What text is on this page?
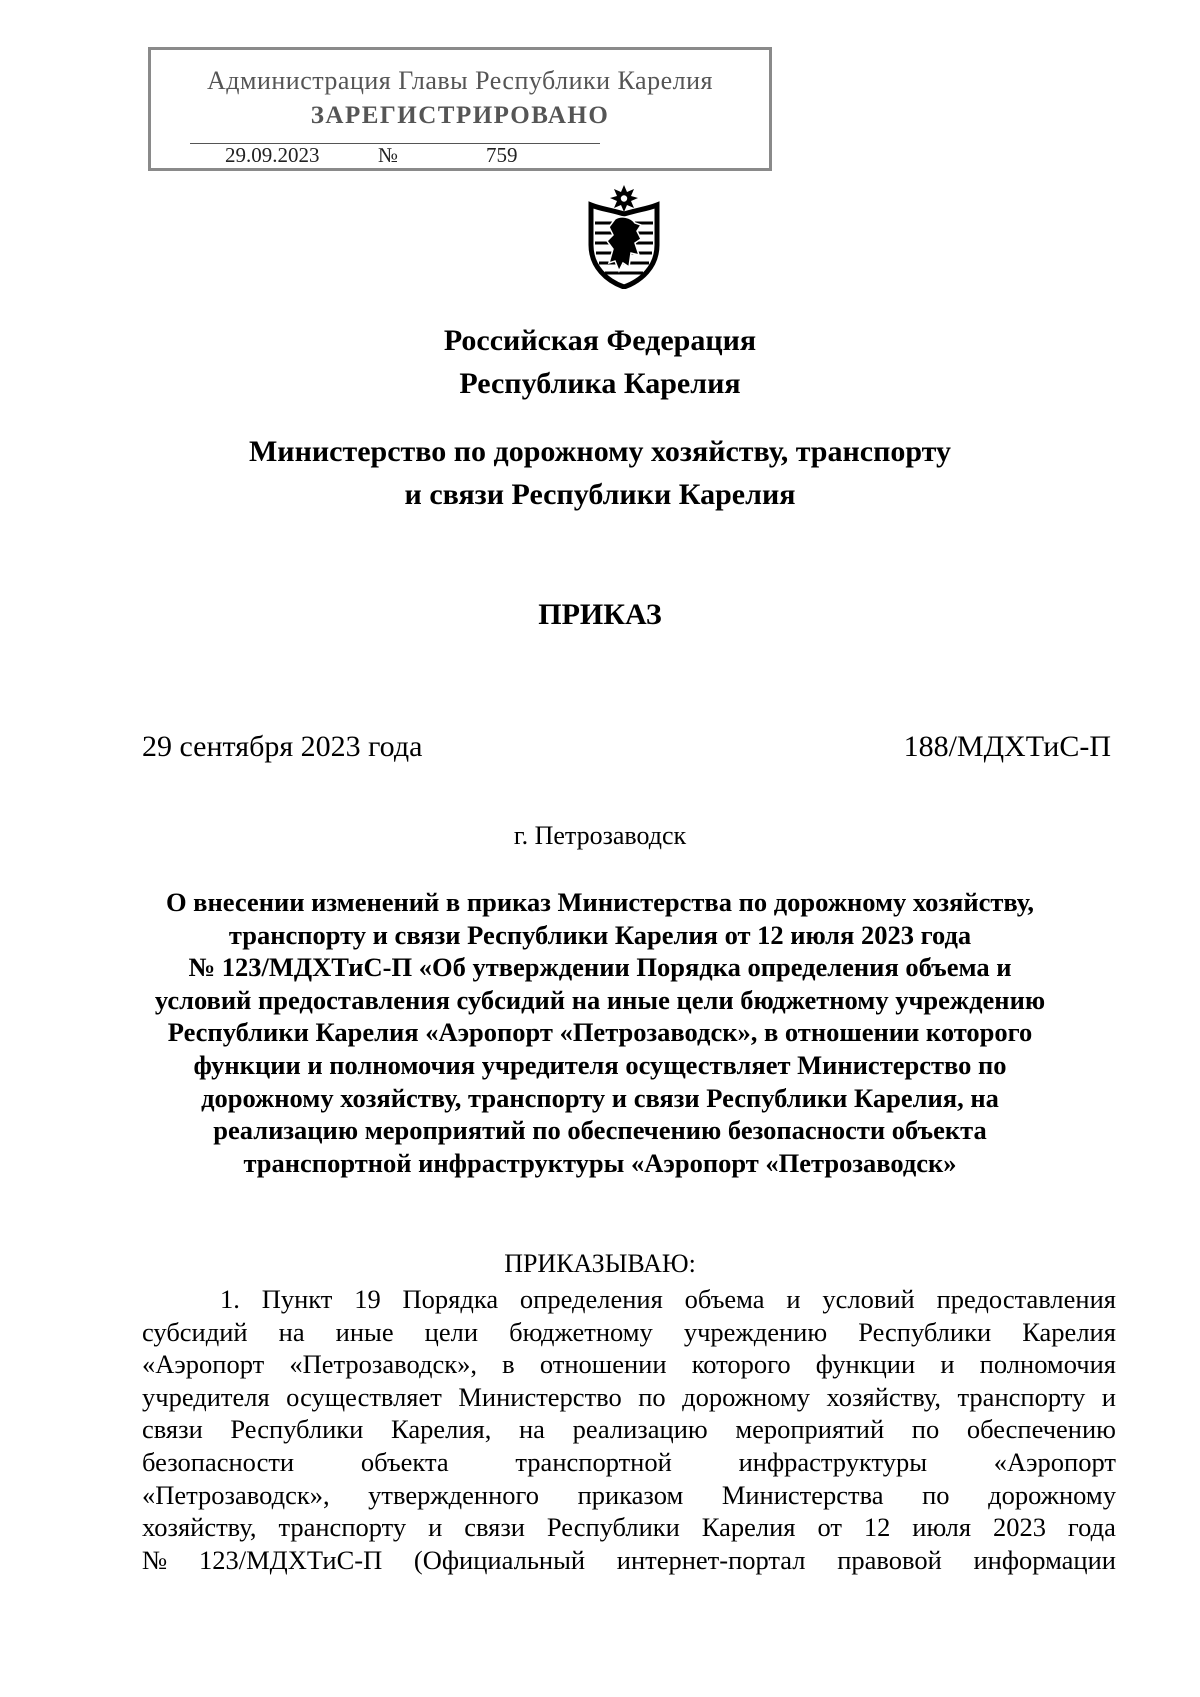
Администрация Главы Республики Карелия
ЗАРЕГИСТРИРОВАНО
29.09.2023	№	759
Российская Федерация
Республика Карелия
Министерство по дорожному хозяйству, транспорту
и связи Республики Карелия
ПРИКАЗ
29 сентября 2023 года	188/МДХТиС-П
г. Петрозаводск
О внесении изменений в приказ Министерства по дорожному хозяйству,
транспорту и связи Республики Карелия от 12 июля 2023 года
№ 123/МДХТиС-П «Об утверждении Порядка определения объема и
условий предоставления субсидий на иные цели бюджетному учреждению
Республики Карелия «Аэропорт «Петрозаводск», в отношении которого
функции и полномочия учредителя осуществляет Министерство по
дорожному хозяйству, транспорту и связи Республики Карелия, на
реализацию мероприятий по обеспечению безопасности объекта
транспортной инфраструктуры «Аэропорт «Петрозаводск»
ПРИКАЗЫВАЮ:
1. Пункт 19 Порядка определения объема и условий предоставления
субсидий на иные цели бюджетному учреждению Республики Карелия
«Аэропорт «Петрозаводск», в отношении которого функции и полномочия
учредителя осуществляет Министерство по дорожному хозяйству, транспорту и
связи Республики Карелия, на реализацию мероприятий по обеспечению
безопасности	объекта	транспортной	инфраструктуры	«Аэропорт
«Петрозаводск», утвержденного приказом Министерства по дорожному
хозяйству, транспорту и связи Республики Карелия от 12 июля 2023 года
№ 123/МДХТиС-П (Официальный интернет-портал правовой информации
